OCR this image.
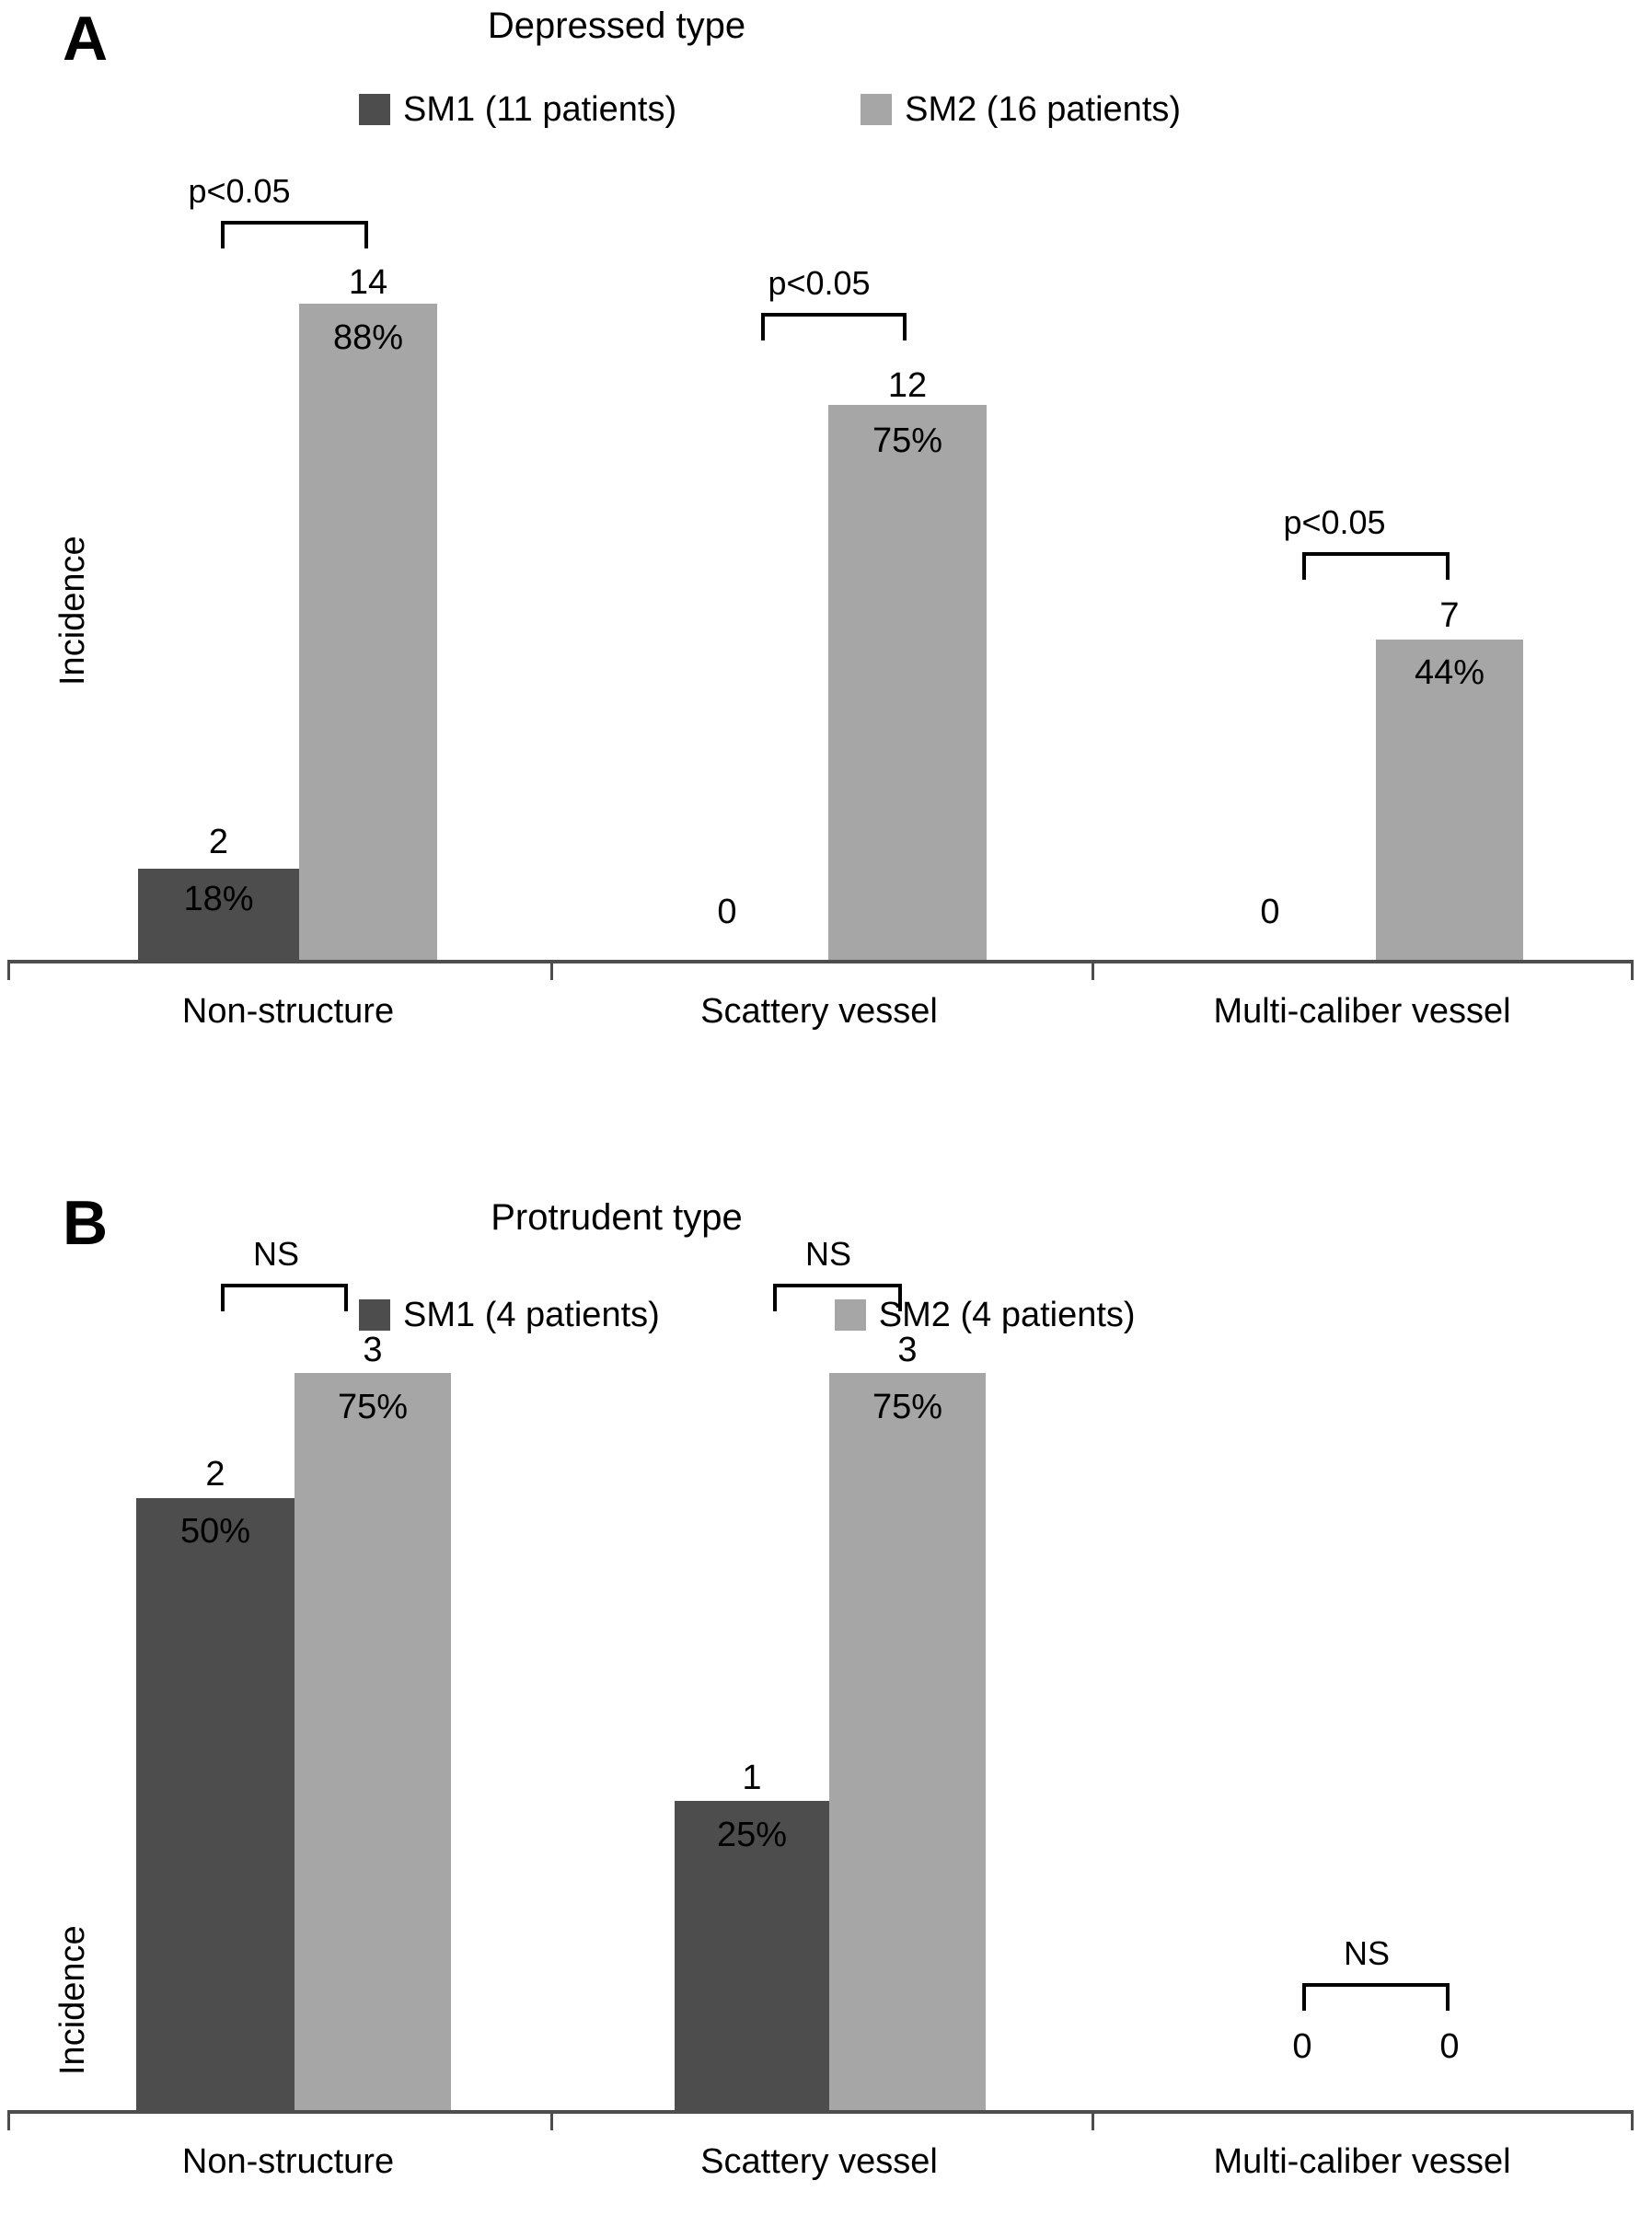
A	Depressed type
SM1 (11 patients)	SM2 (16 patients)
Incidence
2
18%
14
88%
p<0.05
Non-structure
0
12
75%
p<0.05
Scattery vessel
0
7
44%
p<0.05
Multi-caliber vessel
B	Protrudent type
SM1 (4 patients)	SM2 (4 patients)
Incidence
2
50%
3
75%
NS
Non-structure
1
25%
3
75%
NS
Scattery vessel
NS
0	0
Multi-caliber vessel
